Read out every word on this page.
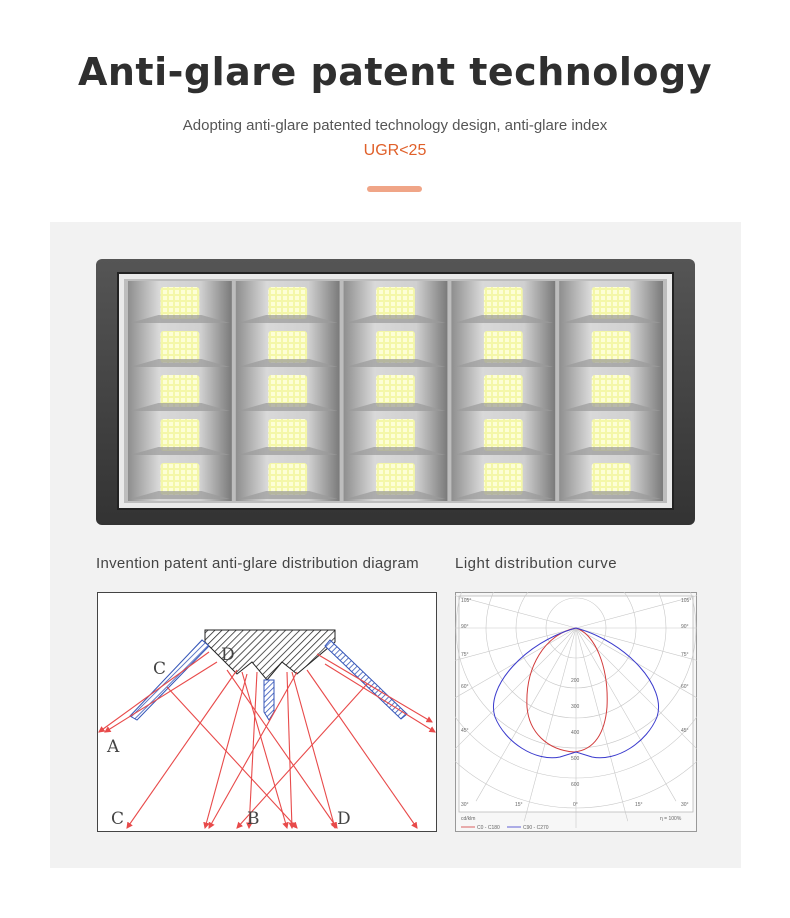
Anti-glare patent technology
Adopting anti-glare patented technology design, anti-glare index
UGR<25
Invention patent anti-glare distribution diagram Light distribution curve
C
D
A
C	B	D
105°
90°
75°
60°
45°
30°	15°	0°	15°	30°
45°
60°
75°
90°
105°
200
300
400
500
600
cd/klm	η = 100%
C0 - C180	C90 - C270
